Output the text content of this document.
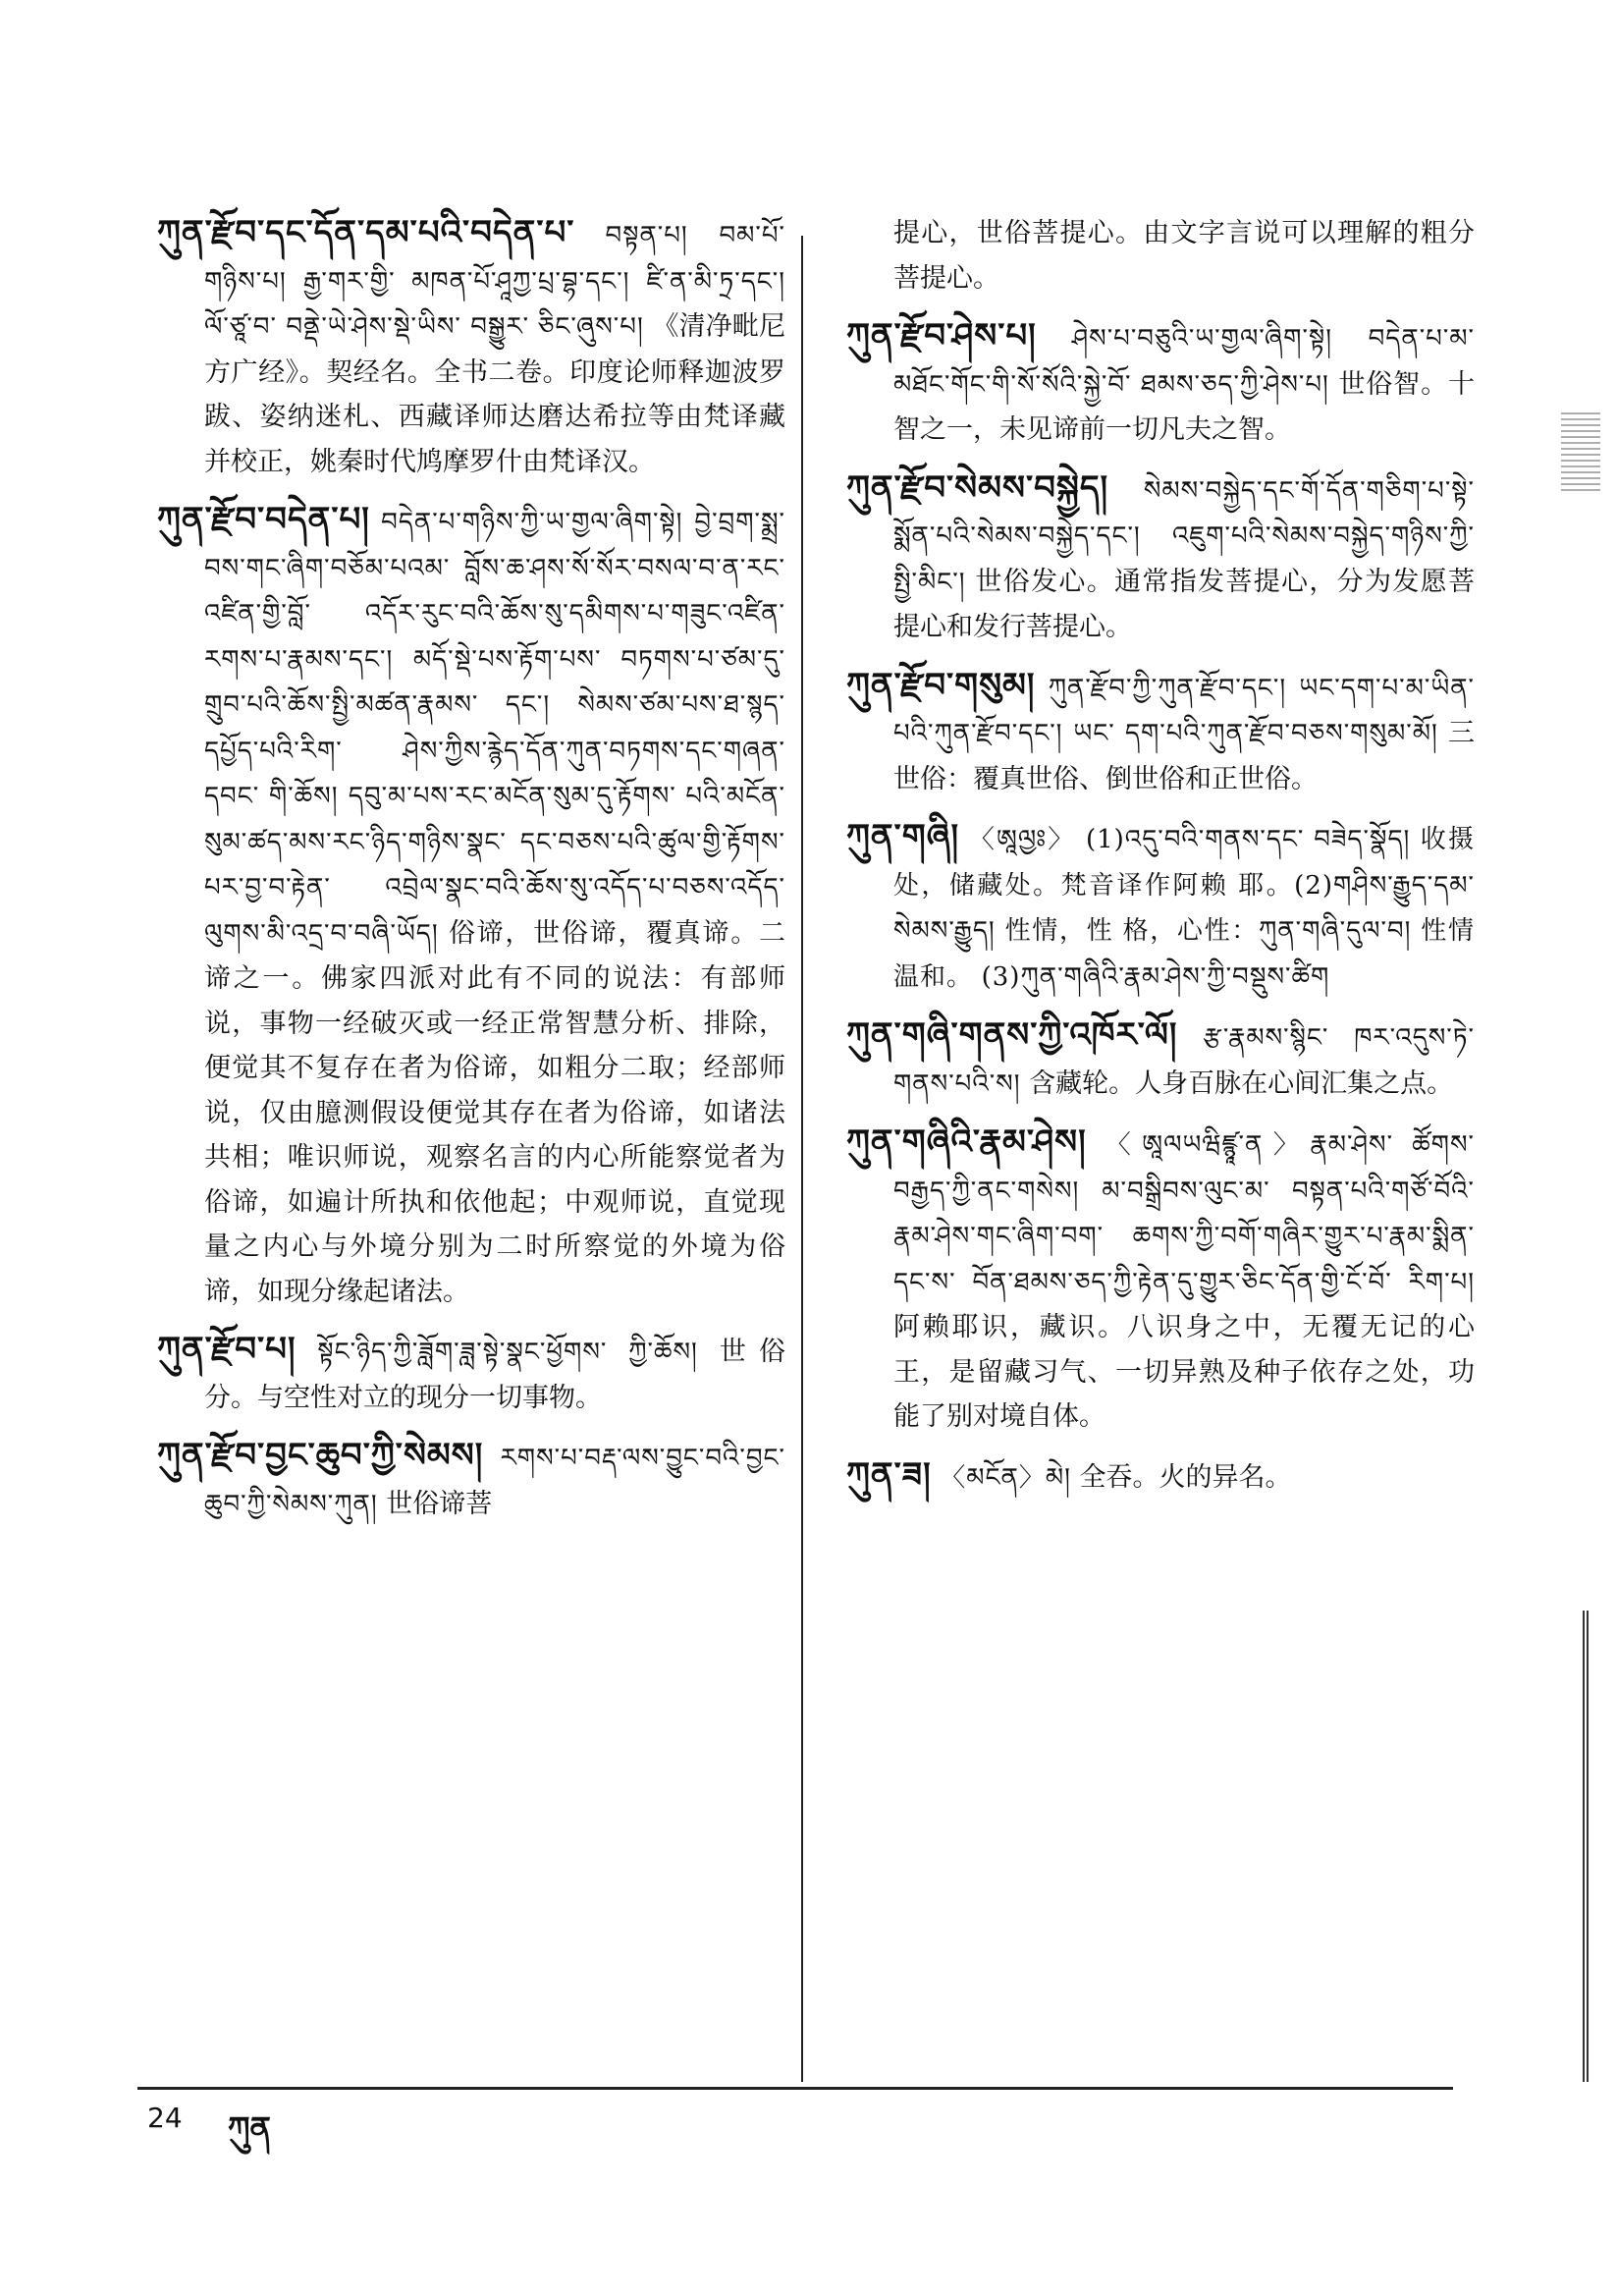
ཀུན་རྫོབ་དང་དོན་དམ་པའི་བདེན་པ་ བསྟན་པ། བམ་པོ་གཉིས་པ། རྒྱ་གར་གྱི་ མཁན་པོ་ཤཱཀྱ་པྲ་བྷ་དང་། ཛི་ན་མི་ཏྲ་དང་། ལོ་ཙཱ་བ་ བནྡེ་ཡེ་ཤེས་སྡེ་ཡིས་ བསྒྱུར་ ཅིང་ཞུས་པ། 《清净毗尼方广经》。契经名。全书二卷。印度论师释迦波罗跋、姿纳迷札、西藏译师达磨达希拉等由梵译藏并校正，姚秦时代鸠摩罗什由梵译汉。
ཀུན་རྫོབ་བདེན་པ། བདེན་པ་གཉིས་ཀྱི་ཡ་གྱལ་ཞིག་སྟེ། བྱེ་བྲག་སྨྲ་བས་གང་ཞིག་བཅོམ་པའམ་ བློས་ཆ་ཤས་སོ་སོར་བསལ་བ་ན་རང་འཛིན་གྱི་བློ་ འདོར་རུང་བའི་ཆོས་སུ་དམིགས་པ་གཟུང་འཛིན་ རགས་པ་རྣམས་དང་། མདོ་སྡེ་པས་རྟོག་པས་ བཏགས་པ་ཙམ་དུ་གྲུབ་པའི་ཆོས་སྤྱི་མཚན་རྣམས་ དང་། སེམས་ཙམ་པས་ཐ་སྙད་དཔྱོད་པའི་རིག་ ཤེས་ཀྱིས་རྙེད་དོན་ཀུན་བཏགས་དང་གཞན་དབང་ གི་ཆོས། དབུ་མ་པས་རང་མངོན་སུམ་དུ་རྟོགས་ པའི་མངོན་སུམ་ཚད་མས་རང་ཉིད་གཉིས་སྣང་ དང་བཅས་པའི་ཚུལ་གྱི་རྟོགས་པར་བྱ་བ་རྟེན་ འབྲེལ་སྣང་བའི་ཆོས་སུ་འདོད་པ་བཅས་འདོད་ ལུགས་མི་འདྲ་བ་བཞི་ཡོད། 俗谛，世俗谛，覆真谛。二谛之一。佛家四派对此有不同的说法：有部师说，事物一经破灭或一经正常智慧分析、排除，便觉其不复存在者为俗谛，如粗分二取；经部师说，仅由臆测假设便觉其存在者为俗谛，如诸法共相；唯识师说，观察名言的内心所能察觉者为俗谛，如遍计所执和依他起；中观师说，直觉现量之内心与外境分别为二时所察觉的外境为俗谛，如现分缘起诸法。
ཀུན་རྫོབ་པ། སྟོང་ཉིད་ཀྱི་ཟློག་ཟླ་སྟེ་སྣང་ཕྱོགས་ ཀྱི་ཆོས། 世俗分。与空性对立的现分一切事物。
ཀུན་རྫོབ་བྱང་ཆུབ་ཀྱི་སེམས། རགས་པ་བརྡ་ལས་བྱུང་བའི་བྱང་ཆུབ་ཀྱི་སེམས་ཀུན། 世俗谛菩
提心，世俗菩提心。由文字言说可以理解的粗分菩提心。
ཀུན་རྫོབ་ཤེས་པ། ཤེས་པ་བཅུའི་ཡ་གྱལ་ཞིག་སྟེ། བདེན་པ་མ་མཐོང་གོང་གི་སོ་སོའི་སྐྱེ་བོ་ ཐམས་ཅད་ཀྱི་ཤེས་པ། 世俗智。十智之一，未见谛前一切凡夫之智。
ཀུན་རྫོབ་སེམས་བསྐྱེད། སེམས་བསྐྱེད་དང་གོ་དོན་གཅིག་པ་སྟེ་སྨོན་པའི་སེམས་བསྐྱེད་དང་། འཇུག་པའི་སེམས་བསྐྱེད་གཉིས་ཀྱི་སྤྱི་མིང་། 世俗发心。通常指发菩提心，分为发愿菩提心和发行菩提心。
ཀུན་རྫོབ་གསུམ། ཀུན་རྫོབ་ཀྱི་ཀུན་རྫོབ་དང་། ཡང་དག་པ་མ་ཡིན་པའི་ཀུན་རྫོབ་དང་། ཡང་ དག་པའི་ཀུན་རྫོབ་བཅས་གསུམ་མོ། 三世俗：覆真世俗、倒世俗和正世俗。
ཀུན་གཞི། 〈ཨཱལྱཿ〉 (1)འདུ་བའི་གནས་དང་ བཟེད་སྣོད། 收摄处，储藏处。梵音译作阿赖 耶。(2)གཤིས་རྒྱུད་དམ་སེམས་རྒྱུད། 性情，性 格，心性：ཀུན་གཞི་དུལ་བ། 性情温和。 (3)ཀུན་གཞིའི་རྣམ་ཤེས་ཀྱི་བསྡུས་ཚིག
ཀུན་གཞི་གནས་ཀྱི་འཁོར་ལོ། རྩ་རྣམས་སྙིང་ ཁར་འདུས་ཏེ་གནས་པའི་ས། 含藏轮。人身百脉在心间汇集之点。
ཀུན་གཞིའི་རྣམ་ཤེས། 〈ཨཱལཡཝིཛྙཱ་ན〉རྣམ་ཤེས་ ཚོགས་བརྒྱད་ཀྱི་ནང་གསེས། མ་བསྒྲིབས་ལུང་མ་ བསྟན་པའི་གཙོ་བོའི་རྣམ་ཤེས་གང་ཞིག་བག་ ཆགས་ཀྱི་བགོ་གཞིར་གྱུར་པ་རྣམ་སྨིན་དང་ས་ བོན་ཐམས་ཅད་ཀྱི་རྟེན་དུ་གྱུར་ཅིང་དོན་གྱི་ངོ་བོ་ རིག་པ། 阿赖耶识，藏识。八识身之中，无覆无记的心王，是留藏习气、一切异熟及种子依存之处，功能了别对境自体。
ཀུན་ཟ། 〈མངོན〉མེ། 全吞。火的异名。
24 ཀུན
